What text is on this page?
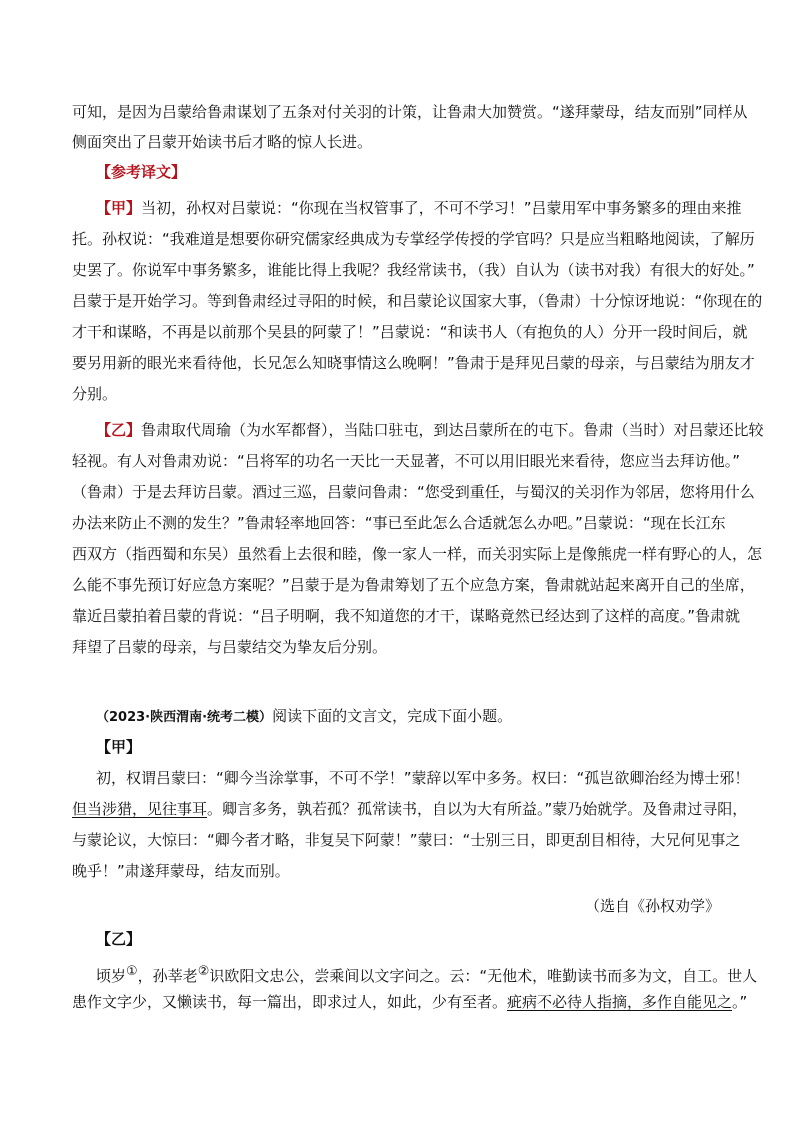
可知，是因为吕蒙给鲁肃谋划了五条对付关羽的计策，让鲁肃大加赞赏。“遂拜蒙母，结友而别”同样从
侧面突出了吕蒙开始读书后才略的惊人长进。
【参考译文】
【甲】当初，孙权对吕蒙说：“你现在当权管事了，不可不学习！”吕蒙用军中事务繁多的理由来推
托。孙权说：“我难道是想要你研究儒家经典成为专掌经学传授的学官吗？只是应当粗略地阅读，了解历
史罢了。你说军中事务繁多，谁能比得上我呢？我经常读书，（我）自认为（读书对我）有很大的好处。”
吕蒙于是开始学习。等到鲁肃经过寻阳的时候，和吕蒙论议国家大事，（鲁肃）十分惊讶地说：“你现在的
才干和谋略，不再是以前那个吴县的阿蒙了！”吕蒙说：“和读书人（有抱负的人）分开一段时间后，就
要另用新的眼光来看待他，长兄怎么知晓事情这么晚啊！”鲁肃于是拜见吕蒙的母亲，与吕蒙结为朋友才
分别。
【乙】鲁肃取代周瑜（为水军都督），当陆口驻屯，到达吕蒙所在的屯下。鲁肃（当时）对吕蒙还比较
轻视。有人对鲁肃劝说：“吕将军的功名一天比一天显著，不可以用旧眼光来看待，您应当去拜访他。”
（鲁肃）于是去拜访吕蒙。酒过三巡，吕蒙问鲁肃：“您受到重任，与蜀汉的关羽作为邻居，您将用什么
办法来防止不测的发生？”鲁肃轻率地回答：“事已至此怎么合适就怎么办吧。”吕蒙说：“现在长江东
西双方（指西蜀和东吴）虽然看上去很和睦，像一家人一样，而关羽实际上是像熊虎一样有野心的人，怎
么能不事先预订好应急方案呢？”吕蒙于是为鲁肃筹划了五个应急方案，鲁肃就站起来离开自己的坐席，
靠近吕蒙拍着吕蒙的背说：“吕子明啊，我不知道您的才干，谋略竟然已经达到了这样的高度。”鲁肃就
拜望了吕蒙的母亲，与吕蒙结交为挚友后分别。
（2023·陕西渭南·统考二模）阅读下面的文言文，完成下面小题。
【甲】
初，权谓吕蒙曰：“卿今当涂掌事，不可不学！”蒙辞以军中多务。权曰：“孤岂欲卿治经为博士邪！
但当涉猎，见往事耳。卿言多务，孰若孤？孤常读书，自以为大有所益。”蒙乃始就学。及鲁肃过寻阳，
与蒙论议，大惊曰：“卿今者才略，非复吴下阿蒙！”蒙曰：“士别三日，即更刮目相待，大兄何见事之
晚乎！”肃遂拜蒙母，结友而别。
（选自《孙权劝学》
【乙】
顷岁①，孙莘老②识欧阳文忠公，尝乘间以文字问之。云：“无他术，唯勤读书而多为文，自工。世人
患作文字少，又懒读书，每一篇出，即求过人，如此，少有至者。疵病不必待人指摘，多作自能见之。”
